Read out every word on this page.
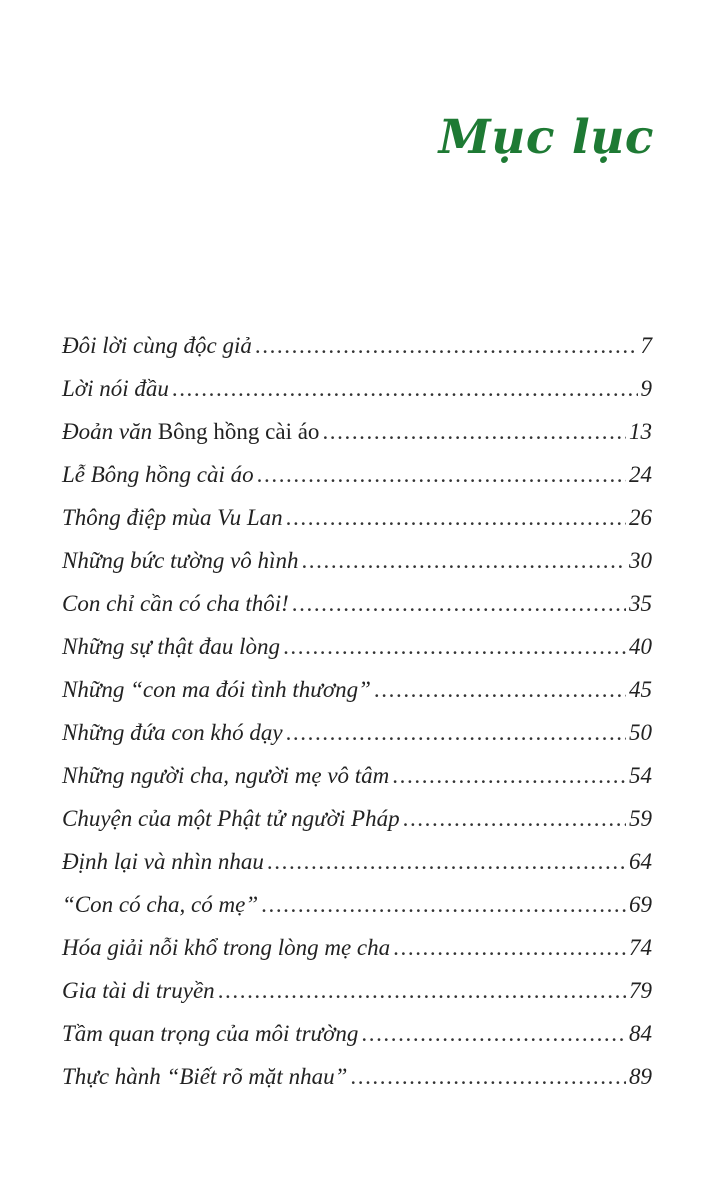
Mục lục
Đôi lời cùng độc giả .....	7
Lời nói đầu .....	9
Đoản văn Bông hồng cài áo .....	13
Lễ Bông hồng cài áo .....	24
Thông điệp mùa Vu Lan .....	26
Những bức tường vô hình .....	30
Con chỉ cần có cha thôi! .....	35
Những sự thật đau lòng .....	40
Những “con ma đói tình thương” .....	45
Những đứa con khó dạy .....	50
Những người cha, người mẹ vô tâm .....	54
Chuyện của một Phật tử người Pháp .....	59
Định lại và nhìn nhau .....	64
“Con có cha, có mẹ” .....	69
Hóa giải nỗi khổ trong lòng mẹ cha .....	74
Gia tài di truyền .....	79
Tầm quan trọng của môi trường .....	84
Thực hành “Biết rõ mặt nhau” .....	89
